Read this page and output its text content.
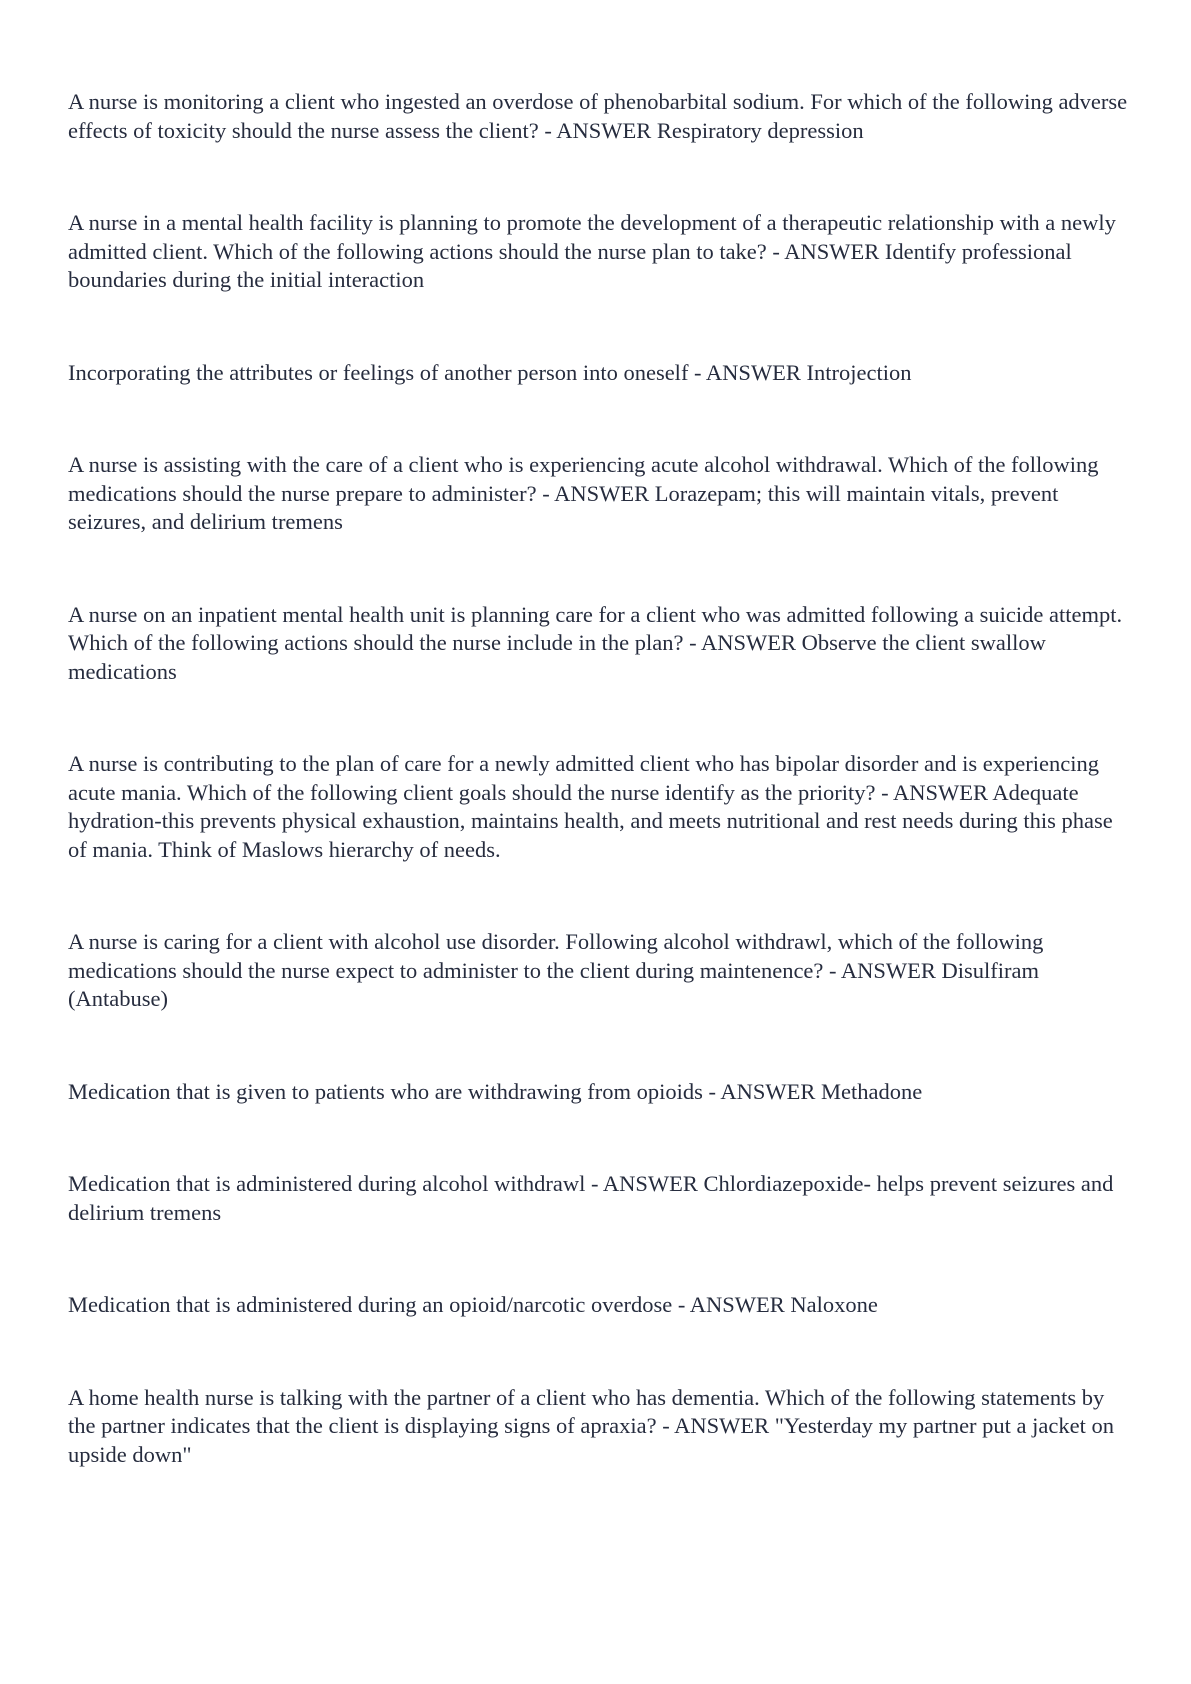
A nurse is monitoring a client who ingested an overdose of phenobarbital sodium. For which of the following adverse effects of toxicity should the nurse assess the client? - ANSWER Respiratory depression

A nurse in a mental health facility is planning to promote the development of a therapeutic relationship with a newly admitted client. Which of the following actions should the nurse plan to take? - ANSWER Identify professional boundaries during the initial interaction

Incorporating the attributes or feelings of another person into oneself - ANSWER Introjection

A nurse is assisting with the care of a client who is experiencing acute alcohol withdrawal. Which of the following medications should the nurse prepare to administer? - ANSWER Lorazepam; this will maintain vitals, prevent seizures, and delirium tremens

A nurse on an inpatient mental health unit is planning care for a client who was admitted following a suicide attempt. Which of the following actions should the nurse include in the plan? - ANSWER Observe the client swallow medications

A nurse is contributing to the plan of care for a newly admitted client who has bipolar disorder and is experiencing acute mania. Which of the following client goals should the nurse identify as the priority? - ANSWER Adequate hydration-this prevents physical exhaustion, maintains health, and meets nutritional and rest needs during this phase of mania. Think of Maslows hierarchy of needs.

A nurse is caring for a client with alcohol use disorder. Following alcohol withdrawl, which of the following medications should the nurse expect to administer to the client during maintenence? - ANSWER Disulfiram (Antabuse)

Medication that is given to patients who are withdrawing from opioids - ANSWER Methadone

Medication that is administered during alcohol withdrawl - ANSWER Chlordiazepoxide- helps prevent seizures and delirium tremens

Medication that is administered during an opioid/narcotic overdose - ANSWER Naloxone

A home health nurse is talking with the partner of a client who has dementia. Which of the following statements by the partner indicates that the client is displaying signs of apraxia? - ANSWER "Yesterday my partner put a jacket on upside down"
